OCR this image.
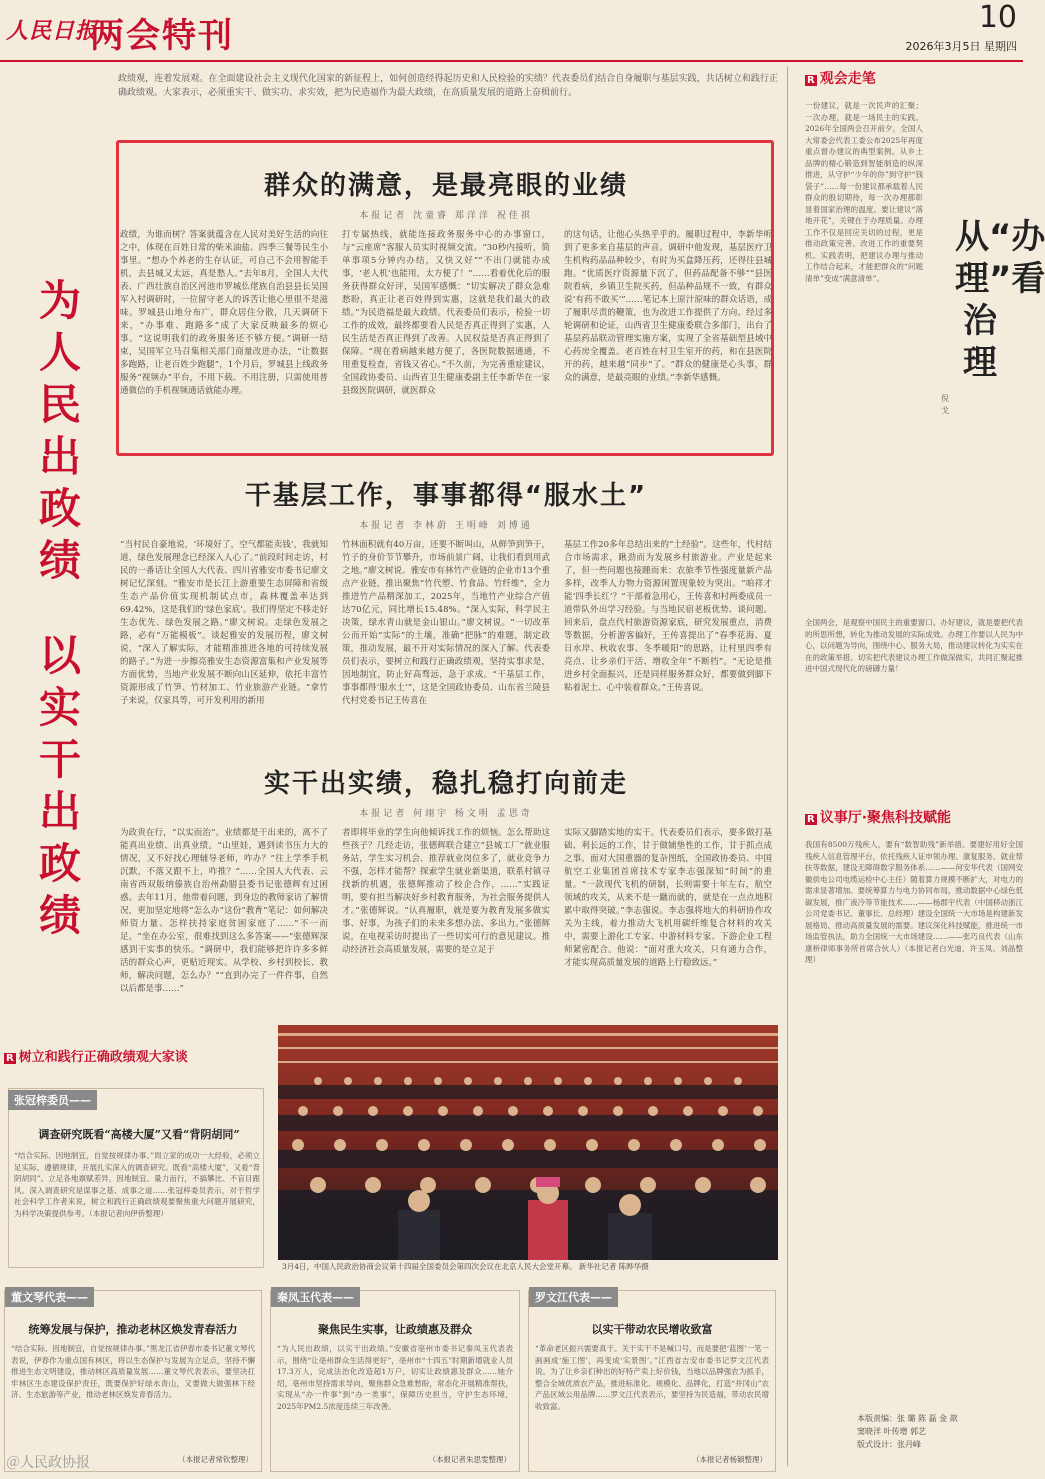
人民日报
两会特刊	10
2026年3月5日 星期四
政绩观，连着发展观。在全面建设社会主义现代化国家的新征程上，如何创造经得起历史和人民检验的实绩？代表委员们结合自身履职与基层实践，共话树立和践行正确政绩观。大家表示，必须重实干、做实功、求实效，把为民造福作为最大政绩，在高质量发展的道路上奋楫前行。
为人民出政绩
以实干出政绩
群众的满意，是最亮眼的业绩
本报记者 沈童睿 郑洋洋 祝佳祺
政绩，为谁而树？答案就蕴含在人民对美好生活的向往之中，体现在百姓日常的柴米油盐、四季三餐等民生小事里。“想办个养老的生存认证，可自己不会用智能手机，去县城又太远，真是愁人。”去年8月，全国人大代表、广西壮族自治区河池市罗城仫佬族自治县县长吴国军入村调研时，一位留守老人的诉苦让他心里很不是滋味。罗城县山地分布广，群众居住分散，几天调研下来，“办事难、跑路多”成了大家反映最多的烦心事。“这说明我们的政务服务还不够方便。”调研一结束，吴国军立马召集相关部门商量改进办法，“让数据多跑路，让老百姓少跑腿”，1个月后，罗城县上线政务服务“视频办”平台，不用下载、不用注册，只需使用普通微信的手机视频通话就能办理。
打专属热线，就能连接政务服务中心的办事窗口，与“云座席”客服人员实时视频交流。“30秒内接听，简单事项5分钟内办结，又快又好”“不出门就能办成事，‘老人机’也能用，太方便了！”……看着优化后的服务获得群众好评，吴国军感慨：“切实解决了群众急难愁盼，真正让老百姓得到实惠，这就是我们最大的政绩。”为民造福是最大政绩。代表委员们表示，检验一切工作的成效，最终都要看人民是否真正得到了实惠，人民生活是否真正得到了改善。人民权益是否真正得到了保障。“现在看病越来越方便了，各医院数据通通，不用重复检查，省钱又省心。”不久前，为完善重症建议，全国政协委员、山西省卫生健康委副主任李新华在一家县级医院调研，就医群众
的这句话，让他心头热乎乎的。履职过程中，李新华听到了更多来自基层的声音。调研中他发现，基层医疗卫生机构药品品种较少，有时为买盒降压药，还得往县城跑。“优质医疗资源量下沉了，但药品配备不够”“县医院看病，乡镇卫生院买药，但品种品规不一致，有群众说‘有药不敢买’”……笔记本上原汁原味的群众话语，成了履职尽责的鞭策，也为改进工作提供了方向。经过多轮调研和论证，山西省卫生健康委联合多部门，出台了基层药品联动管理实施方案，实现了全省基础型县域中心药房全覆盖。老百姓在村卫生室开的药，和在县医院开的药，越来越“同步”了。“群众的健康是心头事，群众的满意，是最亮眼的业绩。”李新华感慨。
干基层工作，事事都得“服水土”
本报记者 李林蔚 王明峰 刘博通
“当村民自豪地说，‘环境好了，空气都能卖钱’，我就知道，绿色发展理念已经深入人心了。”前段时间走访，村民的一番话让全国人大代表、四川省雅安市委书记廖文树记忆深刻。“雅安市是长江上游重要生态屏障和省级生态产品价值实现机制试点市，森林覆盖率达到69.42%，这是我们的‘绿色家底’。我们得坚定不移走好生态优先、绿色发展之路。”廖文树说。走绿色发展之路，必有“万能模板”。谈起雅安的发展历程，廖文树说，“深入了解实际，才能精准推进各地的可持续发展的路子。”为进一步擦亮雅安生态资源富集和产业发展等方面优势，当地产业发展不断向山区延伸，依托丰富竹资源形成了竹笋、竹材加工、竹业旅游产业链。“拿竹子来说，仅家具等，可开发利用的新用
竹林面积就有40万亩，还要不断叫山，从鲜笋到笋干，竹子的身价节节攀升，市场前景广阔，让我们看到用武之地。”廖文树说。雅安市有林竹产业链的企业市13个重点产业链，推出聚焦“竹代塑、竹食品、竹纤维”，全力推进竹产品精深加工，2025年，当地竹产业综合产值达70亿元，同比增长15.48%。“深入实际，科学民主决策，绿水青山就是金山银山。”廖文树说。“一切改革公而开始“实际”的土壤，准确“把脉”的难题，制定政策，推动发展，最不开对实际情况的深入了解。代表委员们表示，要树立和践行正确政绩观，坚持实事求是，因地制宜，防止好高骛远，急于求成。“干基层工作，事事都得‘服水土’”，这是全国政协委员、山东省兰陵县代村党委书记王传喜在
基层工作20多年总结出来的“土经验”。这些年，代村结合市场需求，瞅劲而为发展乡村旅游业。产业是起来了，但一些问题也接踵而来：农旅季节性强度量新产品多样，改季人力物力资源闲置现象较为突出。“咱祥才能‘四季长红’？”干部着急用心，王传喜和村两委成员一道带队外出学习经验。与当地民宿老板优势、谈问题。回来后，盘点代村旅游资源家底，研究发展重点，消费等数据，分析游客偏好，王传喜提出了“春季花海、夏日水岸、秋收农事、冬季暖阳”的思路，让村里四季有亮点、让乡亲们干活、增收全年“不断档”。“无论是推进乡村全面振兴，还是同样服务群众好，都要做到脚下粘着泥土、心中装着群众。”王传喜说。
实干出实绩，稳扎稳打向前走
本报记者 何翊宇 杨文明 孟思奇
为政贵在行，“以实而治”。业绩都是干出来的，离不了能真出业绩、出真业绩。“山里娃，遇到读书压力大的情况，又不好找心理辅导老师，咋办？”往上学季手机沉默，不落又跟不上，咋推？“……全国人大代表、云南省西双版纳傣族自治州勐腊县委书记张德辉有过困惑。去年11月，他带着问题，到身边的教师家访了解情况，更加坚定地将“怎么办”这份“教育”笔记：如何解决师资力量、怎样扶持家庭贫困家庭了……”不一而足。“坐在办公室，很难找到这么多答案——”张德辉深感到干实事的快乐。“调研中，我们能够把许许多多鲜活的群众心声，更贴近现实。从学校、乡村到校长、教师，解决问题，怎么办？”“直到办完了一件件事，自然以后都是事……”
者即将毕业的学生向他倾诉找工作的烦恼。怎么帮助这些孩子？几经走访，张德辉联合建立“县城工厂”就业服务站，学生实习机会、推荐就业岗位多了，就业竞争力不强，怎样才能帮？探索学生就业新渠道，联系村镇寻找新的机遇，张德辉推动了校企合作，……“实践证明，要有担当解决好乡村教育服务，为社会服务提供人才。”张德辉说。“认真履职，就是要为教育发展多做实事、好事，为孩子们的未来多想办法、多出力。”张德辉说，在电视采访时提出了一些切实可行的意见建议。推动经济社会高质量发展，需要的是立足于
实际又脚踏实地的实干。代表委员们表示，要多做打基础、利长远的工作，甘于做铺垫性的工作，甘于抓点成之事。面对大国重器的复杂图纸，全国政协委员、中国航空工业集团首席技术专家李志强深知“时间”的重量。“一款现代飞机的研制，长则需要十年左右，航空领域的攻关，从来不是一蹴而就的，就是在一点点地积累中取得突破。”李志强说。李志强将地大的科研协作攻关为主线，着力推动大飞机用碳纤维复合材料的攻关中，需要上游化工专家、中游材料专家、下游企业工程师紧密配合。他说：“面对重大攻关，只有通力合作，才能实现高质量发展的道路上行稳致远。”
R 观会走笔
一份建议，就是一次民声的汇聚；一次办理，就是一场民主的实践。2026年全国两会召开前夕，全国人大常委会代表工委公布2025年再度重点督办建议的典型案例。从乡土品牌的精心锻造到智能制造的纵深推进，从守护“少年的你”到守护“钱袋子”……每一份建议都承载着人民群众的殷切期待，每一次办理都彰显着国家治理的温度。要让建议“落地开花”，关键在于办理质量。办理工作不仅是回应关切的过程，更是推动政策完善、改进工作的重要契机。实践表明，把建议办理与推动工作结合起来，才能把群众的“问题清单”变成“满意清单”。
从“办理”看治理
倪 戈
全国两会，是观察中国民主的重要窗口。办好建议，就是要把代表的所思所想，转化为推动发展的实际成效。办理工作要以人民为中心，以问题为导向，围绕中心、服务大局，推动建议转化为实实在在的政策举措。切实把代表建议办理工作做深做实，共同汇聚起推进中国式现代化的磅礴力量！
R 议事厅·聚焦科技赋能
我国有8500万残疾人，要有“数智助残”新举措。要建好用好全国残疾人信息管理平台，依托残疾人证申领办理、康复服务、就业帮扶等数据，建设无障碍数字服务体系……——何安华代表（国网安徽供电公司电缆运检中心主任）随着算力规模不断扩大，对电力的需求显著增加。要统筹算力与电力协同布局，推动数据中心绿色低碳发展，推广液冷等节能技术……——杨郡宇代表（中国移动浙江公司党委书记、董事长、总经理）建设全国统一大市场是构建新发展格局、推动高质量发展的需要。建议深化科技赋能，推进统一市场监管执法，助力全国统一大市场建设……——张巧良代表（山东康桥律师事务所首席合伙人）（本报记者白光迪、许玉凤、刘晶整理）
本版责编：张 璐 陈 磊 金 歆
窦晓洋 叶传增 郭艺
版式设计：张丹峰
3月4日，中国人民政治协商会议第十四届全国委员会第四次会议在北京人民大会堂开幕。 新华社记者 陈晔华摄
R 树立和践行正确政绩观大家谈
张冠梓委员——
调查研究既看“高楼大厦”又看“背阴胡同”
“结合实际、因地制宜，自觉按规律办事。”周立家的成功一大经验，必须立足实际、遵循规律，开展扎实深入的调查研究。既看“高楼大厦”，又看“背阴胡同”。立足各地禀赋差异，因地制宜、量力而行，不搞攀比、不盲目跟风。深入调查研究是谋事之基、成事之道……张冠梓委员表示，对于哲学社会科学工作者来说，树立和践行正确政绩观要聚焦重大问题开展研究，为科学决策提供参考。（本报记者向伊侨整理）
董文琴代表——
统筹发展与保护，推动老林区焕发青春活力
“结合实际、因地制宜，自觉按规律办事。”黑龙江省伊春市委书记董文琴代表说，伊春作为重点国有林区，将以生态保护与发展为立足点，坚持不懈推进生态文明建设，推动林区高质量发展……董文琴代表表示，要坚决扛牢林区生态建设保护责任，既要保护好绿水青山，又要做大做强林下经济、生态旅游等产业，推动老林区焕发青春活力。
（本报记者常钦整理）
秦凤玉代表——
聚焦民生实事，让政绩惠及群众
“为人民出政绩，以实干出政绩。”安徽省亳州市委书记秦凤玉代表表示，围绕“让亳州群众生活得更好”，亳州市“十四五”时期新增就业人员17.3万人，完成法治化改造超1万户，切实让政绩惠及群众……她介绍，亳州市坚持需求导向，聚焦群众急难愁盼，常态化开展精准帮扶，实现从“办一件事”到“办一类事”，保障历史担当，守护生态环境，2025年PM2.5浓度连续三年改善。
（本报记者朱思雯整理）
罗文江代表——
以实干带动农民增收致富
“革命老区振兴需要真干。关干实干不是喊口号，而是要把‘蓝图’一笔一画画成‘施工图’，再变成‘实景图’。”江西省吉安市委书记罗文江代表说。为了让乡亲们种出的好特产卖上好价钱，当地以品牌强农为抓手，整合全域优质农产品，推进标准化、规模化、品牌化，打造“井冈山”农产品区域公用品牌……罗文江代表表示，要坚持为民造福，带动农民增收致富。
（本报记者杨颖整理）
＠人民政协报
